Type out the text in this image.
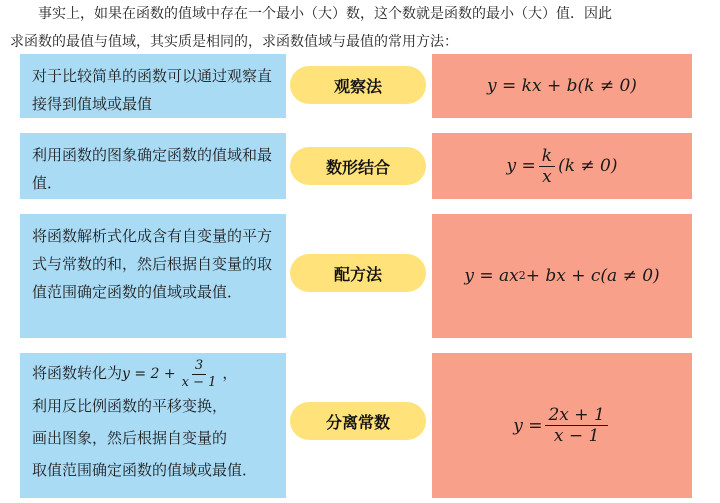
事实上，如果在函数的值域中存在一个最小（大）数，这个数就是函数的最小（大）值．因此

求函数的最值与值域，其实质是相同的，求函数值域与最值的常用方法：

对于比较简单的函数可以通过观察直接得到值域或最值
观察法	y = kx + b(k ≠ 0)
利用函数的图象确定函数的值域和最值．
数形结合	$y = \frac{k}{x} (k \ne 0)$
将函数解析式化成含有自变量的平方式与常数的和，然后根据自变量的取值范围确定函数的值域或最值．
配方法	y = ax 2 + bx + c(a ≠ 0)
将函数转化为$y = 2 + \frac{3}{x - 1}$ ，
利用反比例函数的平移变换，
画出图象，然后根据自变量的
取值范围确定函数的值域或最值．
分离常数	$y = \frac{2x + 1}{x - 1}$
